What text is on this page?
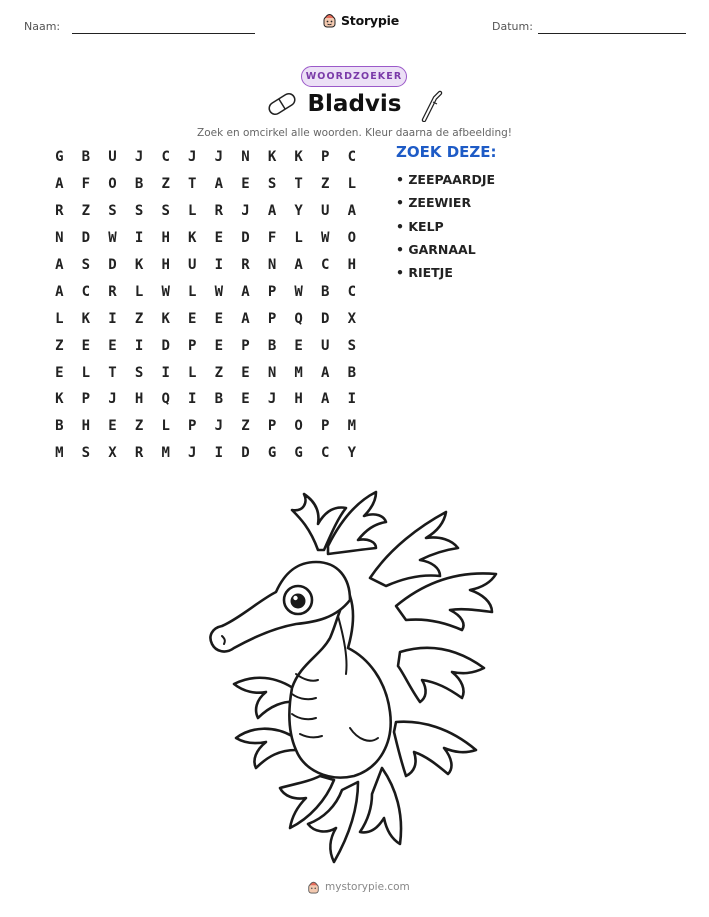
Naam:	Storypie	Datum:
WOORDZOEKER
Bladvis
Zoek en omcirkel alle woorden. Kleur daarna de afbeelding!
G	B	U	J	C	J	J	N	K	K	P	C
A	F	O	B	Z	T	A	E	S	T	Z	L
R	Z	S	S	S	L	R	J	A	Y	U	A
N	D	W	I	H	K	E	D	F	L	W	O
A	S	D	K	H	U	I	R	N	A	C	H
A	C	R	L	W	L	W	A	P	W	B	C
L	K	I	Z	K	E	E	A	P	Q	D	X
Z	E	E	I	D	P	E	P	B	E	U	S
E	L	T	S	I	L	Z	E	N	M	A	B
K	P	J	H	Q	I	B	E	J	H	A	I
B	H	E	Z	L	P	J	Z	P	O	P	M
M	S	X	R	M	J	I	D	G	G	C	Y
ZOEK DEZE:
• ZEEPAARDJE
• ZEEWIER
• KELP
• GARNAAL
• RIETJE
mystorypie.com
